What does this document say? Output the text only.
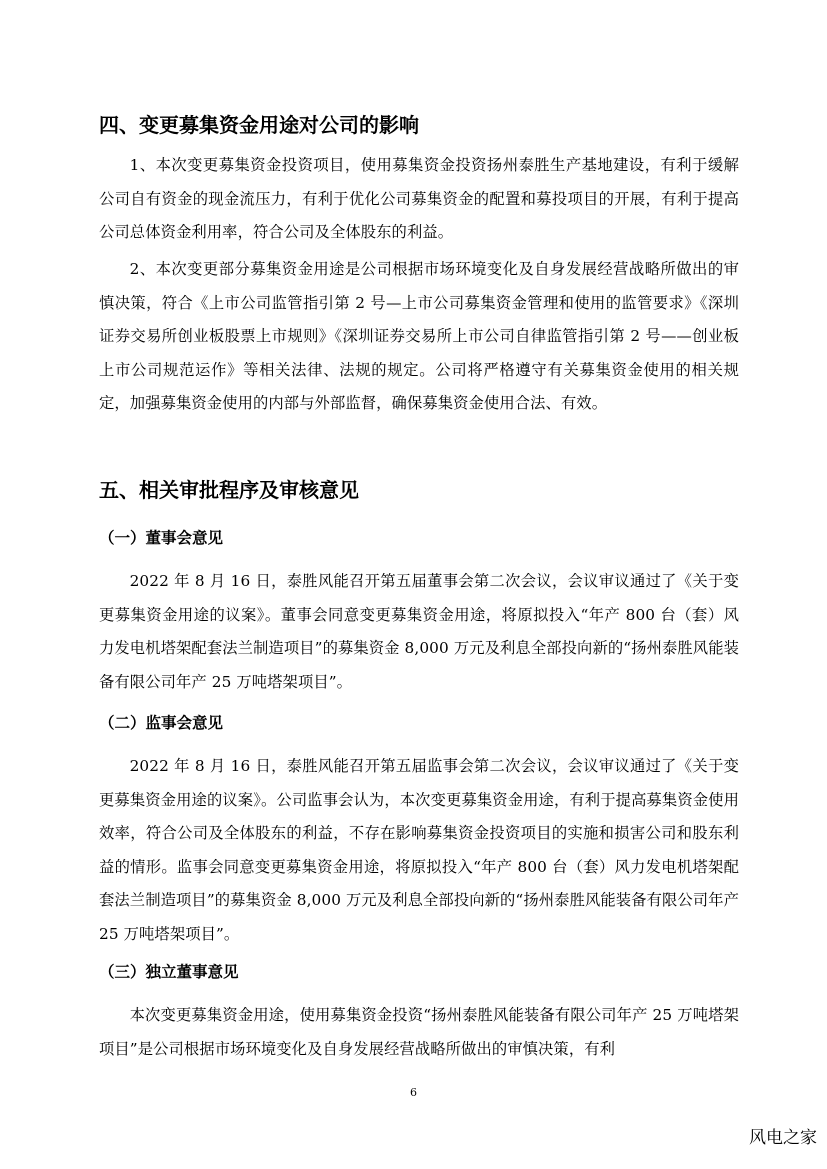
四、变更募集资金用途对公司的影响
1、本次变更募集资金投资项目，使用募集资金投资扬州泰胜生产基地建设，有利于缓解公司自有资金的现金流压力，有利于优化公司募集资金的配置和募投项目的开展，有利于提高公司总体资金利用率，符合公司及全体股东的利益。
2、本次变更部分募集资金用途是公司根据市场环境变化及自身发展经营战略所做出的审慎决策，符合《上市公司监管指引第 2 号—上市公司募集资金管理和使用的监管要求》《深圳证券交易所创业板股票上市规则》《深圳证券交易所上市公司自律监管指引第 2 号——创业板上市公司规范运作》等相关法律、法规的规定。公司将严格遵守有关募集资金使用的相关规定，加强募集资金使用的内部与外部监督，确保募集资金使用合法、有效。
五、相关审批程序及审核意见
（一）董事会意见
2022 年 8 月 16 日，泰胜风能召开第五届董事会第二次会议，会议审议通过了《关于变更募集资金用途的议案》。董事会同意变更募集资金用途，将原拟投入“年产 800 台（套）风力发电机塔架配套法兰制造项目”的募集资金 8,000 万元及利息全部投向新的“扬州泰胜风能装备有限公司年产 25 万吨塔架项目”。
（二）监事会意见
2022 年 8 月 16 日，泰胜风能召开第五届监事会第二次会议，会议审议通过了《关于变更募集资金用途的议案》。公司监事会认为，本次变更募集资金用途，有利于提高募集资金使用效率，符合公司及全体股东的利益，不存在影响募集资金投资项目的实施和损害公司和股东利益的情形。监事会同意变更募集资金用途，将原拟投入“年产 800 台（套）风力发电机塔架配套法兰制造项目”的募集资金 8,000 万元及利息全部投向新的“扬州泰胜风能装备有限公司年产 25 万吨塔架项目”。
（三）独立董事意见
本次变更募集资金用途，使用募集资金投资“扬州泰胜风能装备有限公司年产 25 万吨塔架项目”是公司根据市场环境变化及自身发展经营战略所做出的审慎决策，有利
6
风电之家
